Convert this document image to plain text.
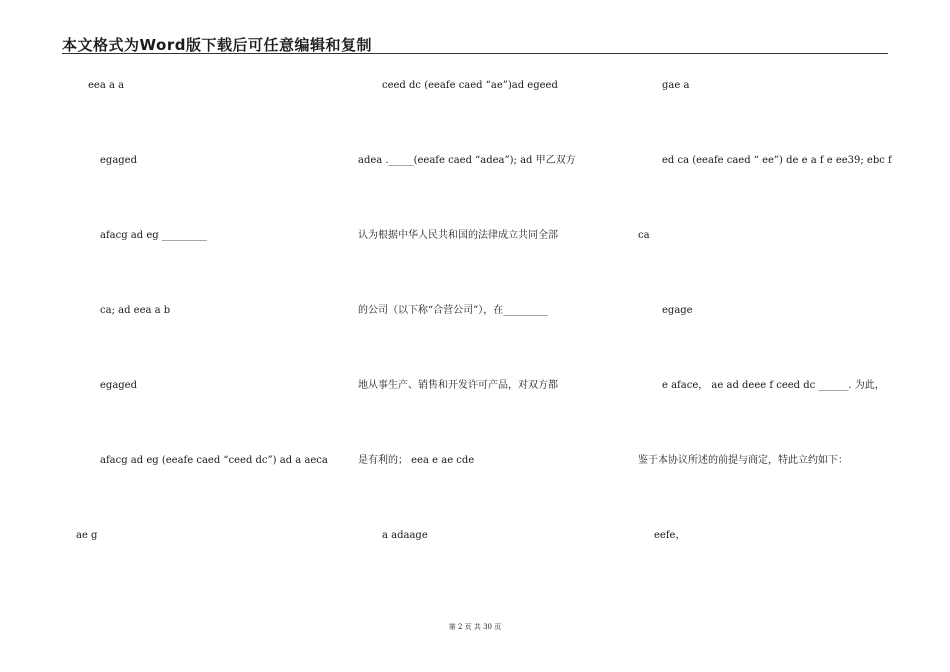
本文格式为Word版下载后可任意编辑和复制
eea a a
egaged
afacg ad eg _________
ca; ad eea a b
egaged
afacg ad eg (eeafe caed “ceed dc”) ad a aeca
ae g
ceed dc (eeafe caed “ae”)ad egeed
adea ._____(eeafe caed “adea”); ad 甲乙双方
认为根据中华人民共和国的法律成立共同全部
的公司（以下称“合营公司”），在_________
地从事生产、销售和开发许可产品，对双方都
是有利的； eea e ae cde
a adaage
gae a
ed ca (eeafe caed “ ee”) de e a f e ee39; ebc f
ca
egage
e aface， ae ad deee f ceed dc ______. 为此，
鉴于本协议所述的前提与商定，特此立约如下：
eefe，
第 2 页 共 30 页
